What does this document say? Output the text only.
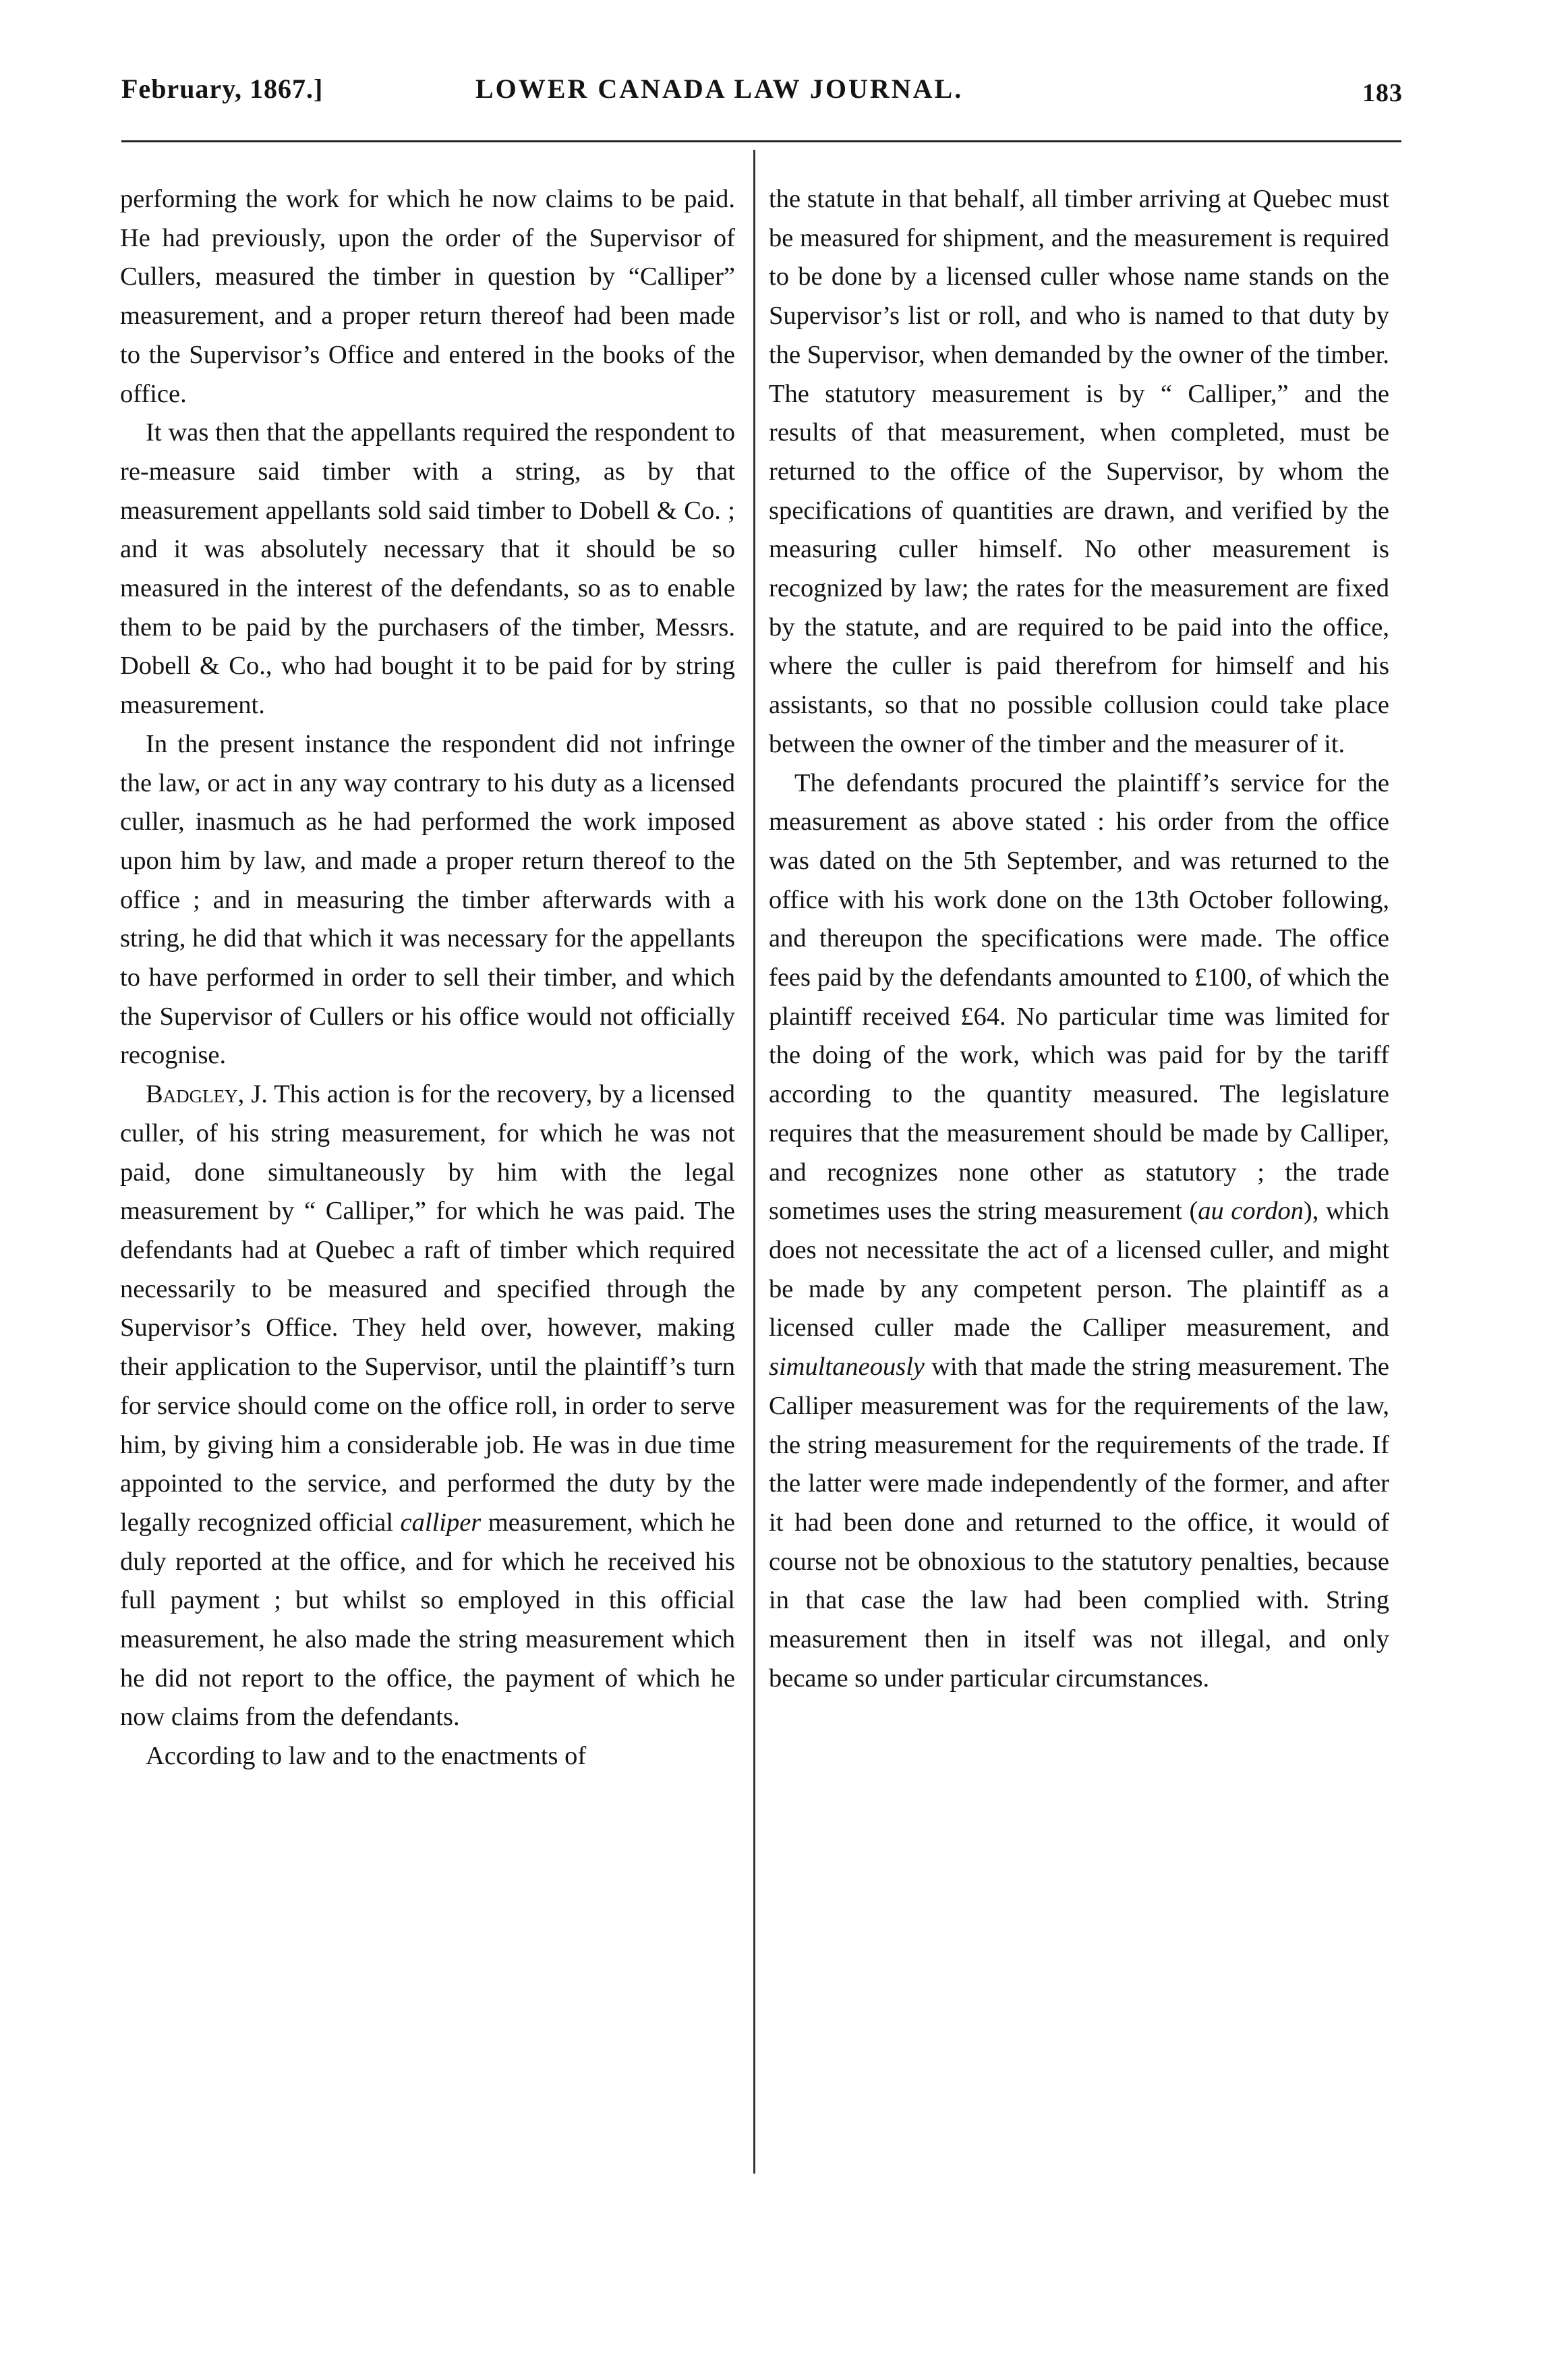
February, 1867.]	LOWER CANADA LAW JOURNAL.	183

performing the work for which he now claims to be paid. He had previously, upon the order of the Supervisor of Cullers, measured the timber in question by “Calliper” measurement, and a proper return thereof had been made to the Supervisor’s Office and entered in the books of the office.

It was then that the appellants required the respondent to re-measure said timber with a string, as by that measurement appellants sold said timber to Dobell & Co. ; and it was absolutely necessary that it should be so measured in the interest of the defendants, so as to enable them to be paid by the purchasers of the timber, Messrs. Dobell & Co., who had bought it to be paid for by string measurement.

In the present instance the respondent did not infringe the law, or act in any way contrary to his duty as a licensed culler, inasmuch as he had performed the work imposed upon him by law, and made a proper return thereof to the office ; and in measuring the timber afterwards with a string, he did that which it was necessary for the appellants to have performed in order to sell their timber, and which the Supervisor of Cullers or his office would not officially recognise.

Badgley, J. This action is for the recovery, by a licensed culler, of his string measurement, for which he was not paid, done simultaneously by him with the legal measurement by “ Calliper,” for which he was paid. The defendants had at Quebec a raft of timber which required necessarily to be measured and specified through the Supervisor’s Office. They held over, however, making their application to the Supervisor, until the plaintiff’s turn for service should come on the office roll, in order to serve him, by giving him a considerable job. He was in due time appointed to the service, and performed the duty by the legally recognized official calliper measurement, which he duly reported at the office, and for which he received his full payment ; but whilst so employed in this official measurement, he also made the string measurement which he did not report to the office, the payment of which he now claims from the defendants.

According to law and to the enactments of

the statute in that behalf, all timber arriving at Quebec must be measured for shipment, and the measurement is required to be done by a licensed culler whose name stands on the Supervisor’s list or roll, and who is named to that duty by the Supervisor, when demanded by the owner of the timber. The statutory measurement is by “ Calliper,” and the results of that measurement, when completed, must be returned to the office of the Supervisor, by whom the specifications of quantities are drawn, and verified by the measuring culler himself. No other measurement is recognized by law; the rates for the measurement are fixed by the statute, and are required to be paid into the office, where the culler is paid therefrom for himself and his assistants, so that no possible collusion could take place between the owner of the timber and the measurer of it.

The defendants procured the plaintiff’s service for the measurement as above stated : his order from the office was dated on the 5th September, and was returned to the office with his work done on the 13th October following, and thereupon the specifications were made. The office fees paid by the defendants amounted to £100, of which the plaintiff received £64. No particular time was limited for the doing of the work, which was paid for by the tariff according to the quantity measured. The legislature requires that the measurement should be made by Calliper, and recognizes none other as statutory ; the trade sometimes uses the string measurement (au cordon), which does not necessitate the act of a licensed culler, and might be made by any competent person. The plaintiff as a licensed culler made the Calliper measurement, and simultaneously with that made the string measurement. The Calliper measurement was for the requirements of the law, the string measurement for the requirements of the trade. If the latter were made independently of the former, and after it had been done and returned to the office, it would of course not be obnoxious to the statutory penalties, because in that case the law had been complied with. String measurement then in itself was not illegal, and only became so under particular circumstances.
